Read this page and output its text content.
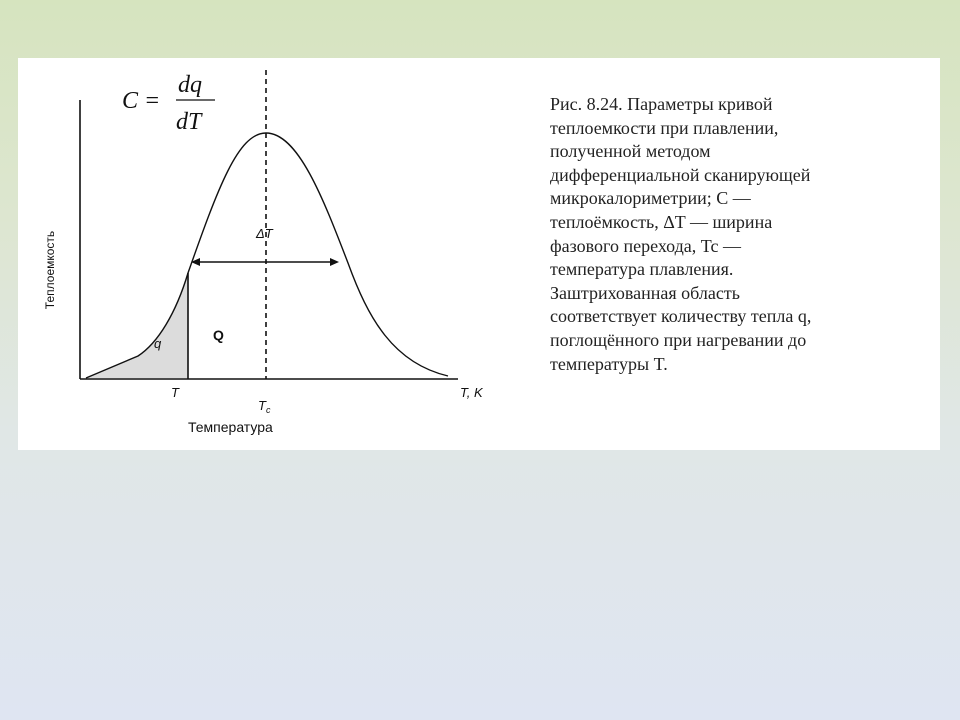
C =
dq
dT
ΔT
q
Q
T
$T_c$
T, K
Температура
Теплоемкость
Рис. 8.24. Параметры кривой
теплоемкости при плавлении,
полученной методом
дифференциальной сканирующей
микрокалориметрии; C —
теплоёмкость, ΔT — ширина
фазового перехода, Tc —
температура плавления.
Заштрихованная область
соответствует количеству тепла q,
поглощённого при нагревании до
температуры T.
